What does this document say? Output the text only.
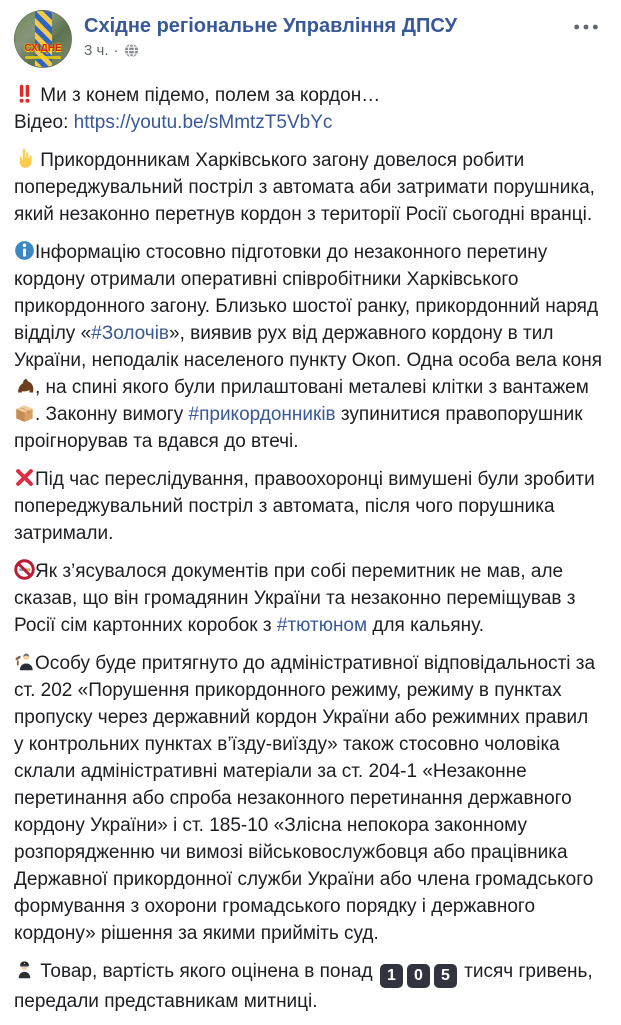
СХІДНЕ
Східне регіональне Управління ДПСУ
3 ч. ·

Ми з конем підемо, полем за кордон…
Відео: https://youtu.be/sMmtzT5VbYc

Прикордонникам Харківського загону довелося робити попереджувальний постріл з автомата аби затримати порушника, який незаконно перетнув кордон з території Росії сьогодні вранці.

Інформацію стосовно підготовки до незаконного перетину кордону отримали оперативні співробітники Харківського прикордонного загону. Близько шостої ранку, прикордонний наряд відділу «#Золочів», виявив рух від державного кордону в тил України, неподалік населеного пункту Окоп. Одна особа вела коня
, на спині якого були прилаштовані металеві клітки з вантажем
. Законну вимогу #прикордонників зупинитися правопорушник проігнорував та вдався до втечі.

Під час переслідування, правоохоронці вимушені були зробити попереджувальний постріл з автомата, після чого порушника затримали.

Як з’ясувалося документів при собі перемитник не мав, але сказав, що він громадянин України та незаконно переміщував з Росії сім картонних коробок з #тютюном для кальяну.

Особу буде притягнуто до адміністративної відповідальності за ст. 202 «Порушення прикордонного режиму, режиму в пунктах пропуску через державний кордон України або режимних правил у контрольних пунктах в’їзду-виїзду» також стосовно чоловіка склали адміністративні матеріали за ст. 204-1 «Незаконне перетинання або спроба незаконного перетинання державного кордону України» і ст. 185-10 «Злісна непокора законному розпорядженню чи вимозі військовослужбовця або працівника Державної прикордонної служби України або члена громадського формування з охорони громадського порядку і державного кордону» рішення за якими прийміть суд.

Товар, вартість якого оцінена в понад 1 0 5 тисяч гривень, передали представникам митниці.
